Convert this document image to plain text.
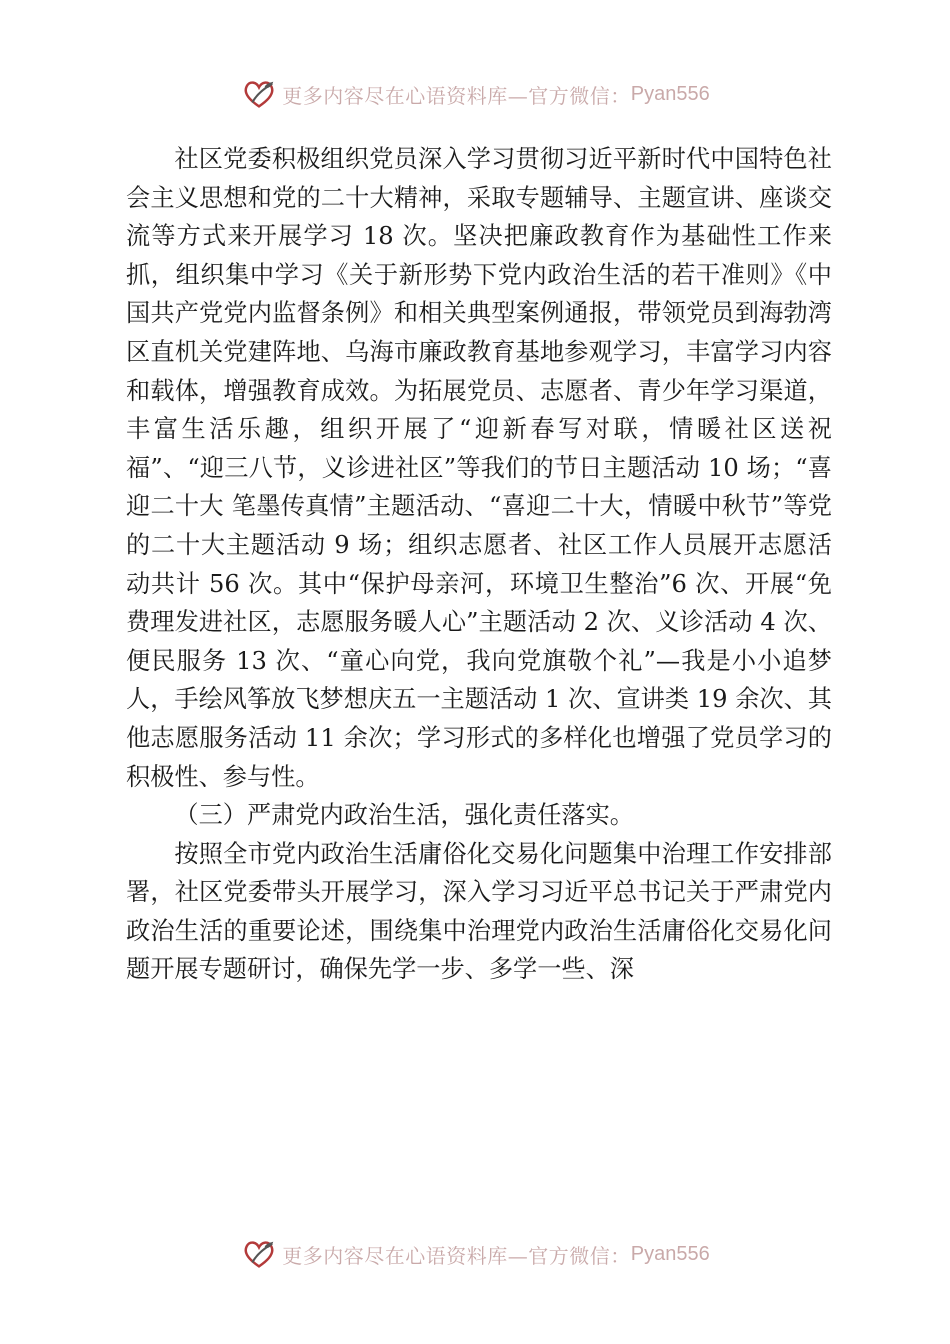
更多内容尽在心语资料库—官方微信： Pyan556

社区党委积极组织党员深入学习贯彻习近平新时代中国特色社会主义思想和党的二十大精神，采取专题辅导、主题宣讲、座谈交流等方式来开展学习 18 次。坚决把廉政教育作为基础性工作来抓，组织集中学习《关于新形势下党内政治生活的若干准则》《中国共产党党内监督条例》和相关典型案例通报，带领党员到海勃湾区直机关党建阵地、乌海市廉政教育基地参观学习，丰富学习内容和载体，增强教育成效。为拓展党员、志愿者、青少年学习渠道，丰富生活乐趣，组织开展了“迎新春写对联，情暖社区送祝福”、“迎三八节，义诊进社区”等我们的节日主题活动 10 场；“喜迎二十大 笔墨传真情”主题活动、“喜迎二十大，情暖中秋节”等党的二十大主题活动 9 场；组织志愿者、社区工作人员展开志愿活动共计 56 次。其中“保护母亲河，环境卫生整治”6 次、开展“免费理发进社区，志愿服务暖人心”主题活动 2 次、义诊活动 4 次、便民服务 13 次、“童心向党，我向党旗敬个礼”—我是小小追梦人，手绘风筝放飞梦想庆五一主题活动 1 次、宣讲类 19 余次、其他志愿服务活动 11 余次；学习形式的多样化也增强了党员学习的积极性、参与性。

（三）严肃党内政治生活，强化责任落实。

按照全市党内政治生活庸俗化交易化问题集中治理工作安排部署，社区党委带头开展学习，深入学习习近平总书记关于严肃党内政治生活的重要论述，围绕集中治理党内政治生活庸俗化交易化问题开展专题研讨，确保先学一步、多学一些、深

更多内容尽在心语资料库—官方微信： Pyan556
